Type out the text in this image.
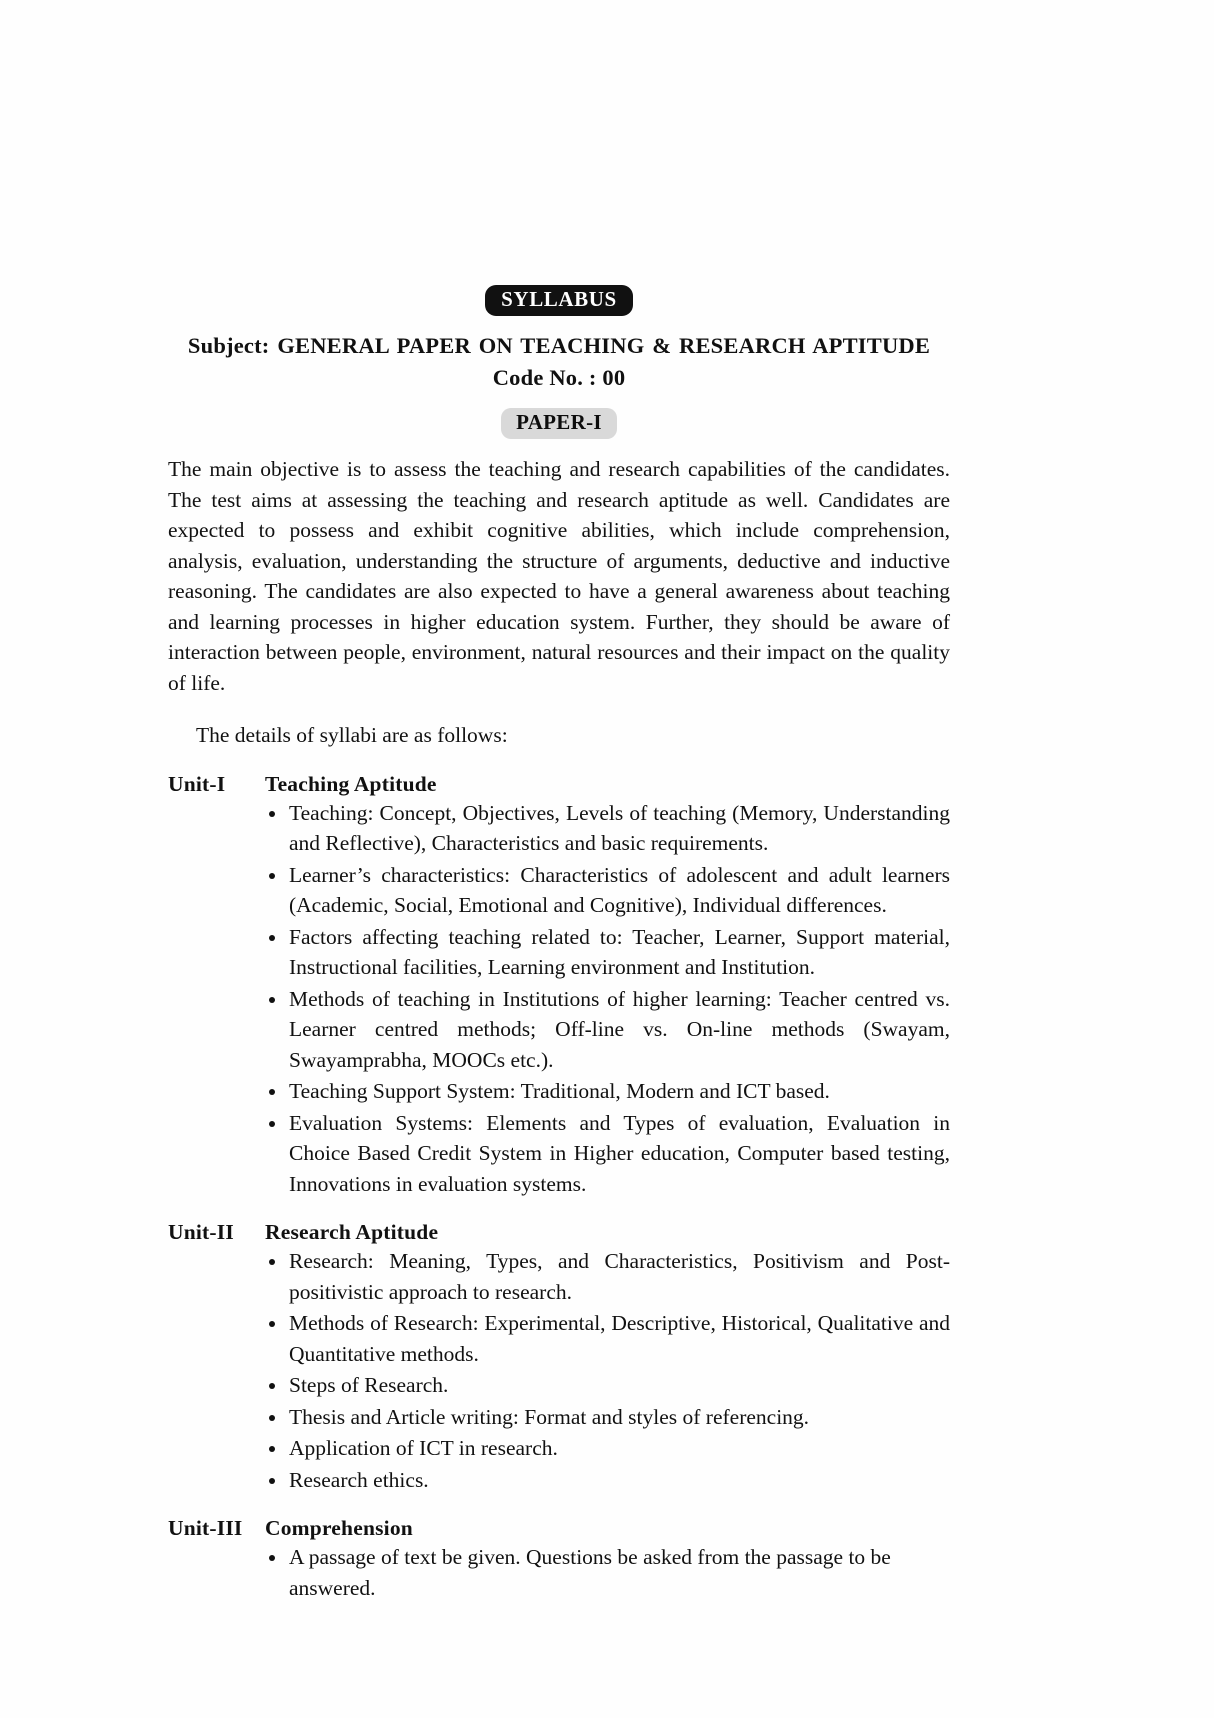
SYLLABUS
Subject: GENERAL PAPER ON TEACHING & RESEARCH APTITUDE
Code No. : 00
PAPER-I

The main objective is to assess the teaching and research capabilities of the candidates. The test aims at assessing the teaching and research aptitude as well. Candidates are expected to possess and exhibit cognitive abilities, which include comprehension, analysis, evaluation, understanding the structure of arguments, deductive and inductive reasoning. The candidates are also expected to have a general awareness about teaching and learning processes in higher education system. Further, they should be aware of interaction between people, environment, natural resources and their impact on the quality of life.

The details of syllabi are as follows:

Unit-I	Teaching Aptitude
Teaching: Concept, Objectives, Levels of teaching (Memory, Understanding and Reflective), Characteristics and basic requirements.
Learner’s characteristics: Characteristics of adolescent and adult learners (Academic, Social, Emotional and Cognitive), Individual differences.
Factors affecting teaching related to: Teacher, Learner, Support material, Instructional facilities, Learning environment and Institution.
Methods of teaching in Institutions of higher learning: Teacher centred vs. Learner centred methods; Off-line vs. On-line methods (Swayam, Swayamprabha, MOOCs etc.).
Teaching Support System: Traditional, Modern and ICT based.
Evaluation Systems: Elements and Types of evaluation, Evaluation in Choice Based Credit System in Higher education, Computer based testing, Innovations in evaluation systems.
Unit-II	Research Aptitude
Research: Meaning, Types, and Characteristics, Positivism and Post- positivistic approach to research.
Methods of Research: Experimental, Descriptive, Historical, Qualitative and Quantitative methods.
Steps of Research.
Thesis and Article writing: Format and styles of referencing.
Application of ICT in research.
Research ethics.
Unit-III	Comprehension
A passage of text be given. Questions be asked from the passage to be answered.
